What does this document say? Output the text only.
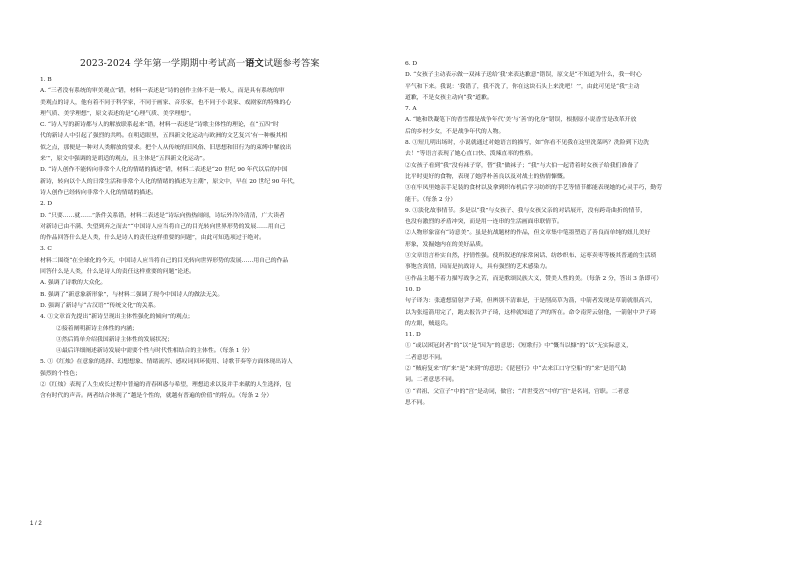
2023-2024 学年第一学期期中考试高一语文试题参考答案
1. B
A. “三者没有系统的审美观点”错，材料一表述是“诗的创作主体不是一般人，而是具有系统的审
美观点的诗人，他有着不同于科学家，不同于画家、音乐家，也不同于小说家、戏剧家的特殊的心
理气质、美学理想”，原文表述的是“心理气质、美学理想”。
C. “诗人写的新诗都与人的解放联系起来”错，材料一表述是“诗歌主体性的理论，在“五四”时
代的新诗人中引起了强烈的共鸣。在明适眼里，五四新文化运动与欧洲的文艺复兴‘有一种极其相
似之点，那便是一种对人类解放的要求。把个人从传统的旧风俗、旧思想和旧行为的束缚中解放出
来’”，原文中强调的是胡适的观点，且主体是“五四新文化运动”。
D. “诗人创作不能转向非常个人化的情绪的描述”错，材料二表述是“20 世纪 90 年代以后的中国
新诗，转向以个人的日常生活和非常个人化的情绪的描述为主潮”，原文中，早在 20 世纪 90 年代，
诗人创作已经转向非常个人化的情绪的描述。
2. D
D. “只要……就……”条件关系错，材料二表述是“诗坛向热热闹闹，诗坛外冷冷清清，广大读者
对新诗已由不满、失望到弃之而去”“中国诗人应当将自己的目光转向世界形势的发展……用自己
的作品回答什么是人类，什么是诗人的责任这样重要的问题”，由此可知选项过于绝对。
3. C
材料二围绕“在全球化的今天，中国诗人应当将自己的目光转向世界形势的发展……用自己的作品
回答什么是人类，什么是诗人的责任这样重要的问题”论述。
A. 强调了诗歌的大众化。
B. 强调了“新意象新形象”，与材料二强调了现今中国诗人的做法无关。
D. 强调了新诗与“古汉语”“传统文化”的关系。
4. ①文章首先提出“新诗呈现出主体性强化的倾向”的观点；
②接着阐明新诗主体性的内涵；
③然后简单介绍我国新诗主体性的发展状况；
④最后详细阐述新诗发展中需要个性与时代性相结合的主体性。（每条 1 分）
5. ①《红烛》在意象的选择、幻想想象、情绪流泻、感叹词回环使用、诗歌节奏等方面体现出诗人
强烈的个性色；
②《红烛》表现了人生成长过程中普遍的青春困惑与希望，理想追求以及并手来献的人生选择，包
含有时代的声音。两者结合体现了“越是个性的，就越有普遍的价值”的特点。（每条 2 分）
6. D
D. “女孩子主动表示做一双袜子送给‘我’来表达歉意”错误，原文是“不知道为什么，我一时心
平气和下来。我说：‘我错了，我不洗了，你在这块石头上来洗吧！’”，由此可见是“我”主动
道歉，不是女孩主动向“我”道歉。
7. A
A. “她和铁凝笔下的香雪都是战争年代‘美’与‘善’的化身”错误，根据原小说香雪是改革开放
后的乡村少女，不是战争年代的人物。
8. ①短几明出场时，小说就通过对她语言的描写，如“你看不见我在这里洗菜吗？洗险到下边洗
去！”等语言表现了她心直口快、泼辣直率的性格。
②女孩子看到“我”没有袜子穿，替“我”做袜子；“我”与大伯一起背着时女孩子给我们准备了
比平时更好的食物，表现了她浮朴善良以及对战士的热情慷慨。
③在牢凤里她亲手足装的食材以及拿到织布机后学习纺织的手艺等情节都能表现她的心灵手巧，勤劳
能干。（每条 2 分）
9. ①淡化故事情节。多是以“我”与女孩子、我与女孩父亲的对话展开，没有跨奇曲折的情节，
也没有激烈的矛盾冲突，而是用一连串的生活画面串联情节。
②人物形象富有“诗意美”。虽是抗战题材的作品，但文章集中笔墨塑造了善良而单纯的妞儿美好
形象，发掘她内在的美好品质。
③文章语言朴实自然，抒情性强。使所叙述的家常闲话、纺纱织布、运枣卖枣等极其普通的生活琐
事饱含真情，因而是抗战诗人，具有强烈的艺术感染力。
④作品主题不着力描写战争之苦，而是歌颂民族大义，赞美人性的美。（每条 2 分，答出 3 条即可）
10. D
句子译为：张遗想留射尹子琦，但辨别不清谁是，于是削高草为箭，中箭者发现是草箭就很高兴，
以为张巡箭用完了，跑去报告尹子琦，这样就知道了尹的所在。命令南霁云射他，一箭射中尹子琦
的左眼，贼退兵。
11. D
① “或以困冠封者”的“以”是“因为”的意思；《短歌行》中“慨当以慷”的“以”无实际意义，
二者意思不同。
② “贼府复来”的“来”是“来到”的意思；《琵琶行》中“去来江口守空船”的“来”是语气助
词。二者意思不同。
③ “君祖、父宣子”中的“宫”是动词，做官；“君世受宫”中的“宫”是名词，官职。二者意
思不同。
1 / 2
